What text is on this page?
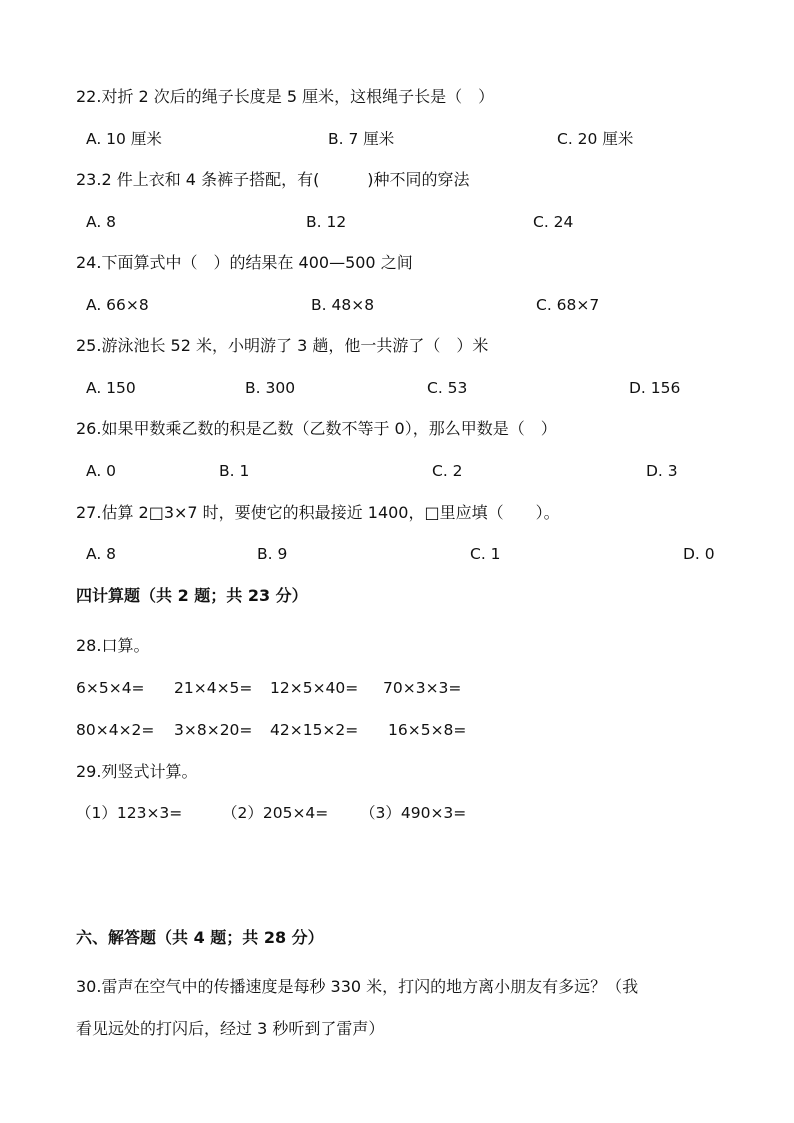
22.对折 2 次后的绳子长度是 5 厘米，这根绳子长是（　）
A. 10 厘米	B. 7 厘米	C. 20 厘米
23.2 件上衣和 4 条裤子搭配，有(　　　)种不同的穿法
A. 8	B. 12	C. 24
24.下面算式中（　）的结果在 400—500 之间
A. 66×8	B. 48×8	C. 68×7
25.游泳池长 52 米，小明游了 3 趟，他一共游了（　）米
A. 150	B. 300	C. 53	D. 156
26.如果甲数乘乙数的积是乙数（乙数不等于 0），那么甲数是（　）
A. 0	B. 1	C. 2	D. 3
27.估算 2□3×7 时，要使它的积最接近 1400，□里应填（　　）。
A. 8	B. 9	C. 1	D. 0
四计算题（共 2 题；共 23 分）
28.口算。
6×5×4= 21×4×5= 12×5×40= 70×3×3=
80×4×2= 3×8×20= 42×15×2= 16×5×8=
29.列竖式计算。
（1）123×3=	（2）205×4= （3）490×3=
六、解答题（共 4 题；共 28 分）
30.雷声在空气中的传播速度是每秒 330 米，打闪的地方离小朋友有多远？（我
看见远处的打闪后，经过 3 秒听到了雷声）
